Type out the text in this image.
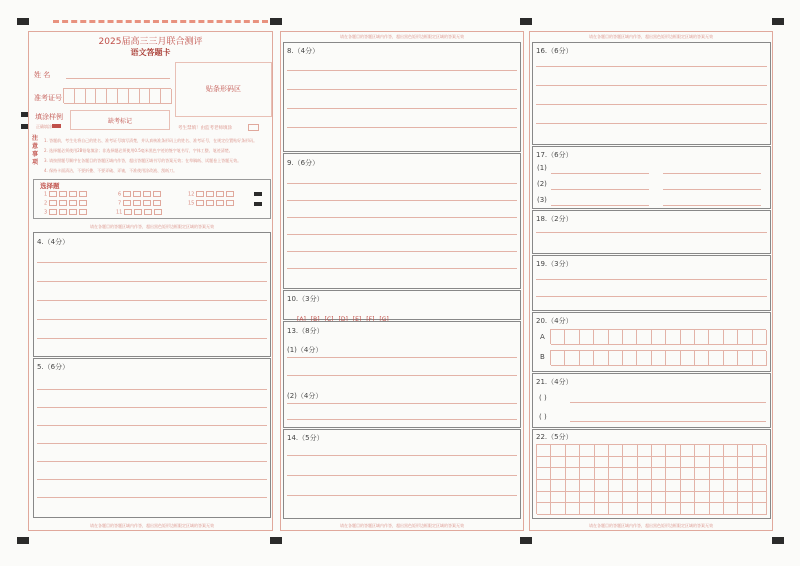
2025届高三三月联合测评
语文答题卡
姓 名
准考证号
贴条形码区
填涂样例
正确填涂
缺考标记
考生禁填！由监考老师填涂
注意事项
1. 答题前，考生先将自己的姓名、准考证号填写清楚，并认真核准条形码上的姓名、准考证号，在规定位置贴好条形码。
2. 选择题必须使用2B铅笔填涂；非选择题必须使用0.5毫米黑色字迹的签字笔书写，字体工整、笔迹清楚。
3. 请按照题号顺序在各题目的答题区域内作答，超出答题区域书写的答案无效；在草稿纸、试题卷上答题无效。
4. 保持卡面清洁，不要折叠、不要弄破、弄皱，不准使用涂改液、刮纸刀。
选择题
1
2
3
6
7
11
12
15
请在各题目的答题区域内作答，超出黑色矩形边框限定区域的答案无效
4.（4分）
5.（6分）
请在各题目的答题区域内作答，超出黑色矩形边框限定区域的答案无效
请在各题目的答题区域内作答，超出黑色矩形边框限定区域的答案无效
8.（4分）
9.（6分）
10.（3分）
[A] [B] [C] [D] [E] [F] [G]
13.（8分）
(1)（4分）
(2)（4分）
14.（5分）
请在各题目的答题区域内作答，超出黑色矩形边框限定区域的答案无效
请在各题目的答题区域内作答，超出黑色矩形边框限定区域的答案无效
16.（6分）
17.（6分）
(1)
(2)
(3)
18.（2分）
19.（3分）
20.（4分）
A
B
21.（4分）
( )
( )
22.（5分）
请在各题目的答题区域内作答，超出黑色矩形边框限定区域的答案无效
